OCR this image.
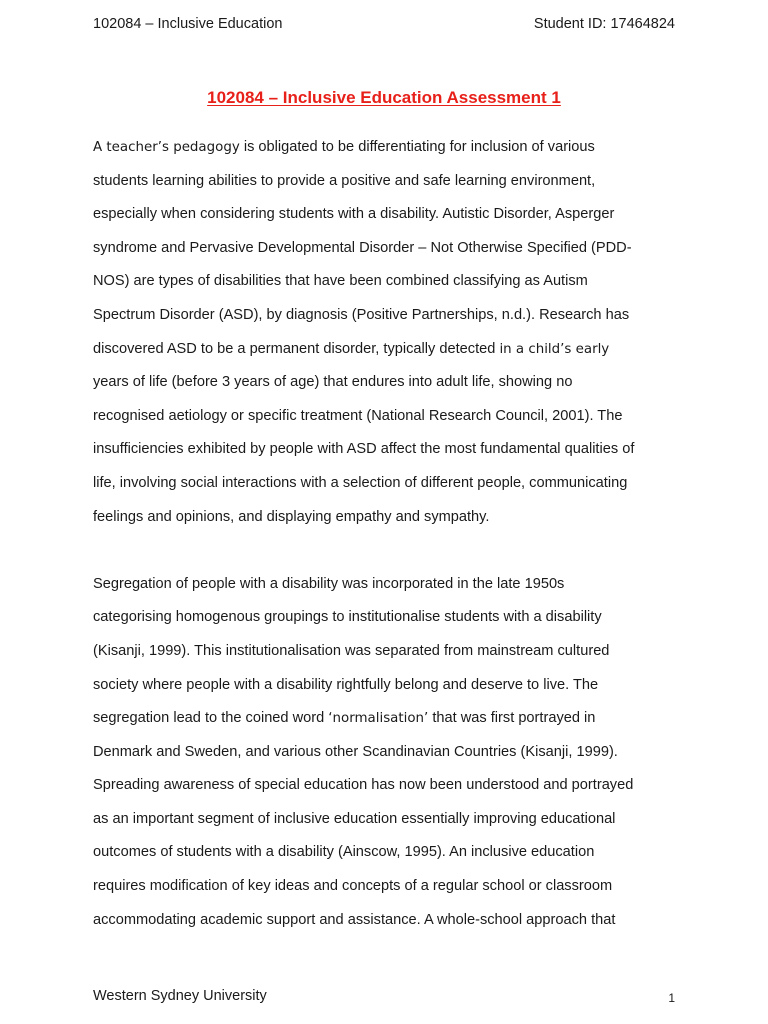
102084 – Inclusive Education	Student ID: 17464824
102084 – Inclusive Education Assessment 1
A teacher’s pedagogy is obligated to be differentiating for inclusion of various
students learning abilities to provide a positive and safe learning environment,
especially when considering students with a disability. Autistic Disorder, Asperger
syndrome and Pervasive Developmental Disorder – Not Otherwise Specified (PDD-
NOS) are types of disabilities that have been combined classifying as Autism
Spectrum Disorder (ASD), by diagnosis (Positive Partnerships, n.d.). Research has
discovered ASD to be a permanent disorder, typically detected in a child’s early
years of life (before 3 years of age) that endures into adult life, showing no
recognised aetiology or specific treatment (National Research Council, 2001). The
insufficiencies exhibited by people with ASD affect the most fundamental qualities of
life, involving social interactions with a selection of different people, communicating
feelings and opinions, and displaying empathy and sympathy.
Segregation of people with a disability was incorporated in the late 1950s
categorising homogenous groupings to institutionalise students with a disability
(Kisanji, 1999). This institutionalisation was separated from mainstream cultured
society where people with a disability rightfully belong and deserve to live. The
segregation lead to the coined word ‘normalisation’ that was first portrayed in
Denmark and Sweden, and various other Scandinavian Countries (Kisanji, 1999).
Spreading awareness of special education has now been understood and portrayed
as an important segment of inclusive education essentially improving educational
outcomes of students with a disability (Ainscow, 1995). An inclusive education
requires modification of key ideas and concepts of a regular school or classroom
accommodating academic support and assistance. A whole-school approach that
Western Sydney University	1
